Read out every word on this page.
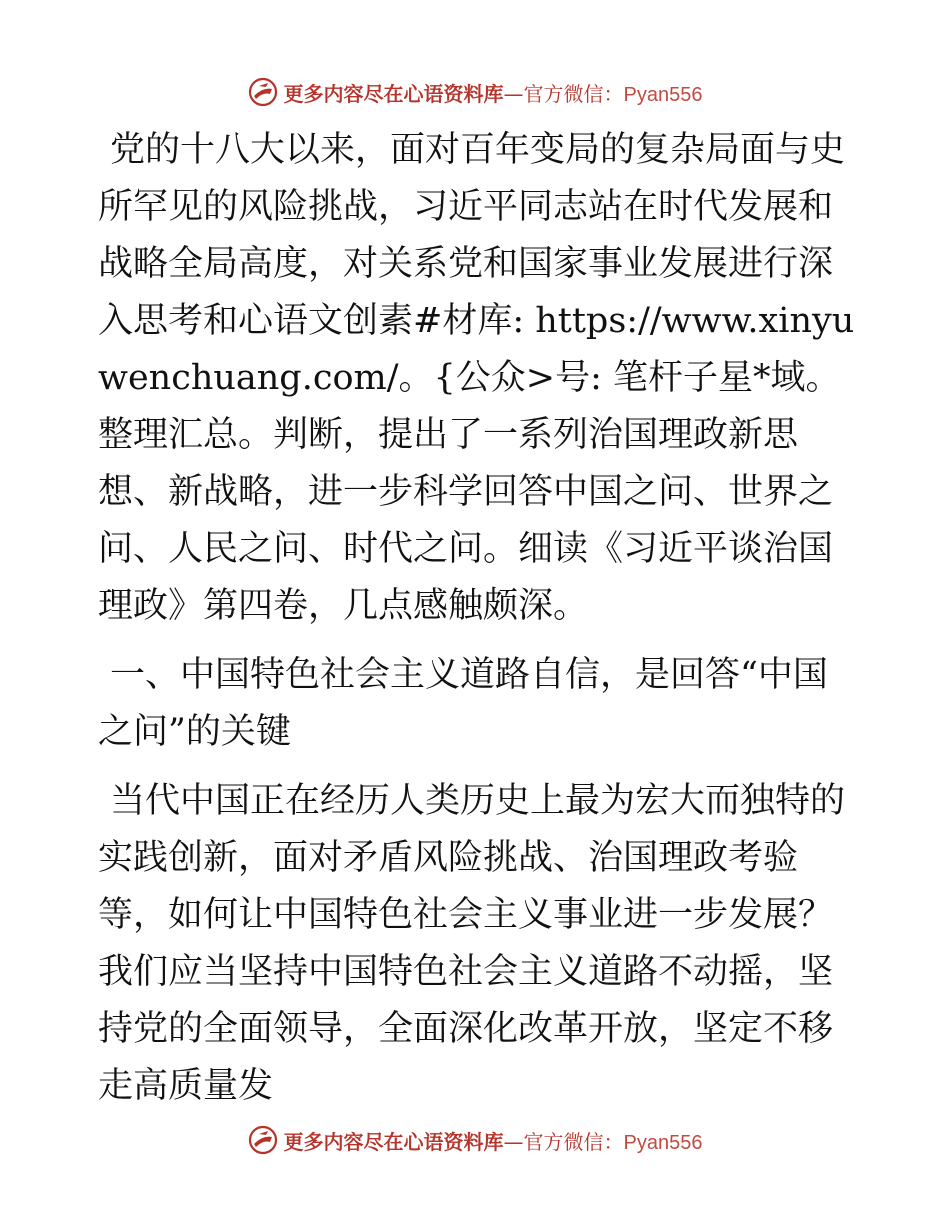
更多内容尽在心语资料库—官方微信：Pyan556

党的十八大以来，面对百年变局的复杂局面与史所罕见的风险挑战，习近平同志站在时代发展和战略全局高度，对关系党和国家事业发展进行深入思考和心语文创素#材库: https://www.xinyuwenchuang.com/。{公众>号: 笔杆子星*域。整理汇总。判断，提出了一系列治国理政新思想、新战略，进一步科学回答中国之问、世界之问、人民之问、时代之问。细读《习近平谈治国理政》第四卷，几点感触颇深。

一、中国特色社会主义道路自信，是回答“中国之问”的关键

当代中国正在经历人类历史上最为宏大而独特的实践创新，面对矛盾风险挑战、治国理政考验等，如何让中国特色社会主义事业进一步发展？我们应当坚持中国特色社会主义道路不动摇，坚持党的全面领导，全面深化改革开放，坚定不移走高质量发

更多内容尽在心语资料库—官方微信：Pyan556
